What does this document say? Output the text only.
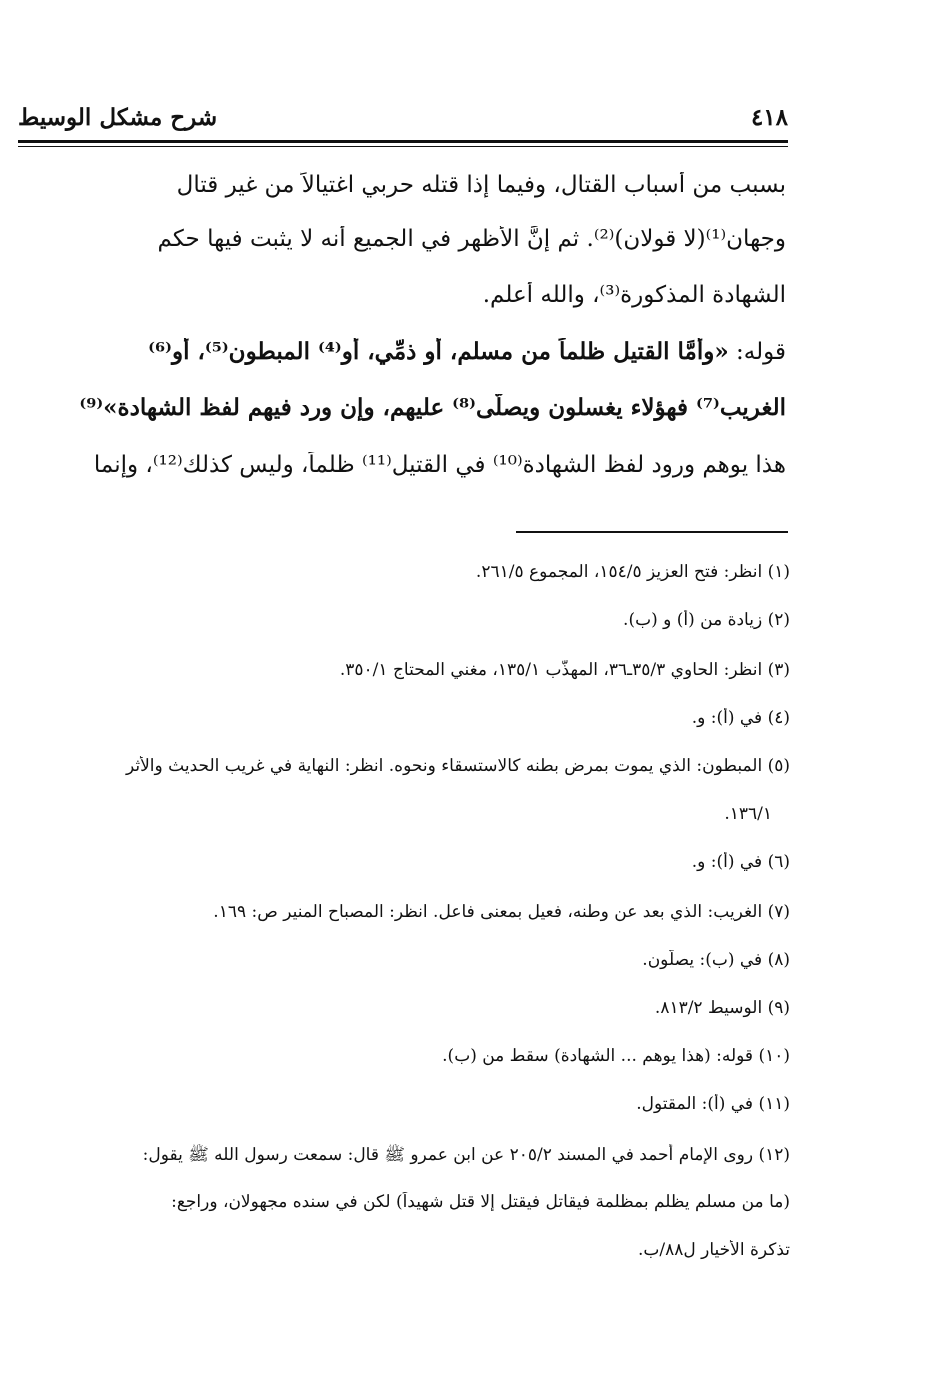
شرح مشكل الوسيط	٤١٨
بسبب من أسباب القتال، وفيما إذا قتله حربي اغتيالاً من غير قتال
وجهان⁽¹⁾(لا قولان)⁽²⁾. ثم إنَّ الأظهر في الجميع أنه لا يثبت فيها حكم
الشهادة المذكورة⁽³⁾، والله أعلم.
قوله: «وأمَّا القتيل ظلماً من مسلم، أو ذمِّي، أو⁽⁴⁾ المبطون⁽⁵⁾، أو⁽⁶⁾
الغريب⁽⁷⁾ فهؤلاء يغسلون ويصلَّى⁽⁸⁾ عليهم، وإن ورد فيهم لفظ الشهادة»⁽⁹⁾
هذا يوهم ورود لفظ الشهادة⁽¹⁰⁾ في القتيل⁽¹¹⁾ ظلماً، وليس كذلك⁽¹²⁾، وإنما
(١) انظر: فتح العزيز ١٥٤/٥، المجموع ٢٦١/٥.
(٢) زيادة من (أ) و (ب).
(٣) انظر: الحاوي ٣٥/٣ـ٣٦، المهذّب ١٣٥/١، مغني المحتاج ٣٥٠/١.
(٤) في (أ): و.
(٥) المبطون: الذي يموت بمرض بطنه كالاستسقاء ونحوه. انظر: النهاية في غريب الحديث والأثر
١٣٦/١.
(٦) في (أ): و.
(٧) الغريب: الذي بعد عن وطنه، فعيل بمعنى فاعل. انظر: المصباح المنير ص: ١٦٩.
(٨) في (ب): يصلُّون.
(٩) الوسيط ٨١٣/٢.
(١٠) قوله: (هذا يوهم ... الشهادة) سقط من (ب).
(١١) في (أ): المقتول.
(١٢) روى الإمام أحمد في المسند ٢٠٥/٢ عن ابن عمرو ﷺ قال: سمعت رسول الله ﷺ يقول:
(ما من مسلم يظلم بمظلمة فيقاتل فيقتل إلا قتل شهيداً) لكن في سنده مجهولان، وراجع:
تذكرة الأخيار ل٨٨/ب.
